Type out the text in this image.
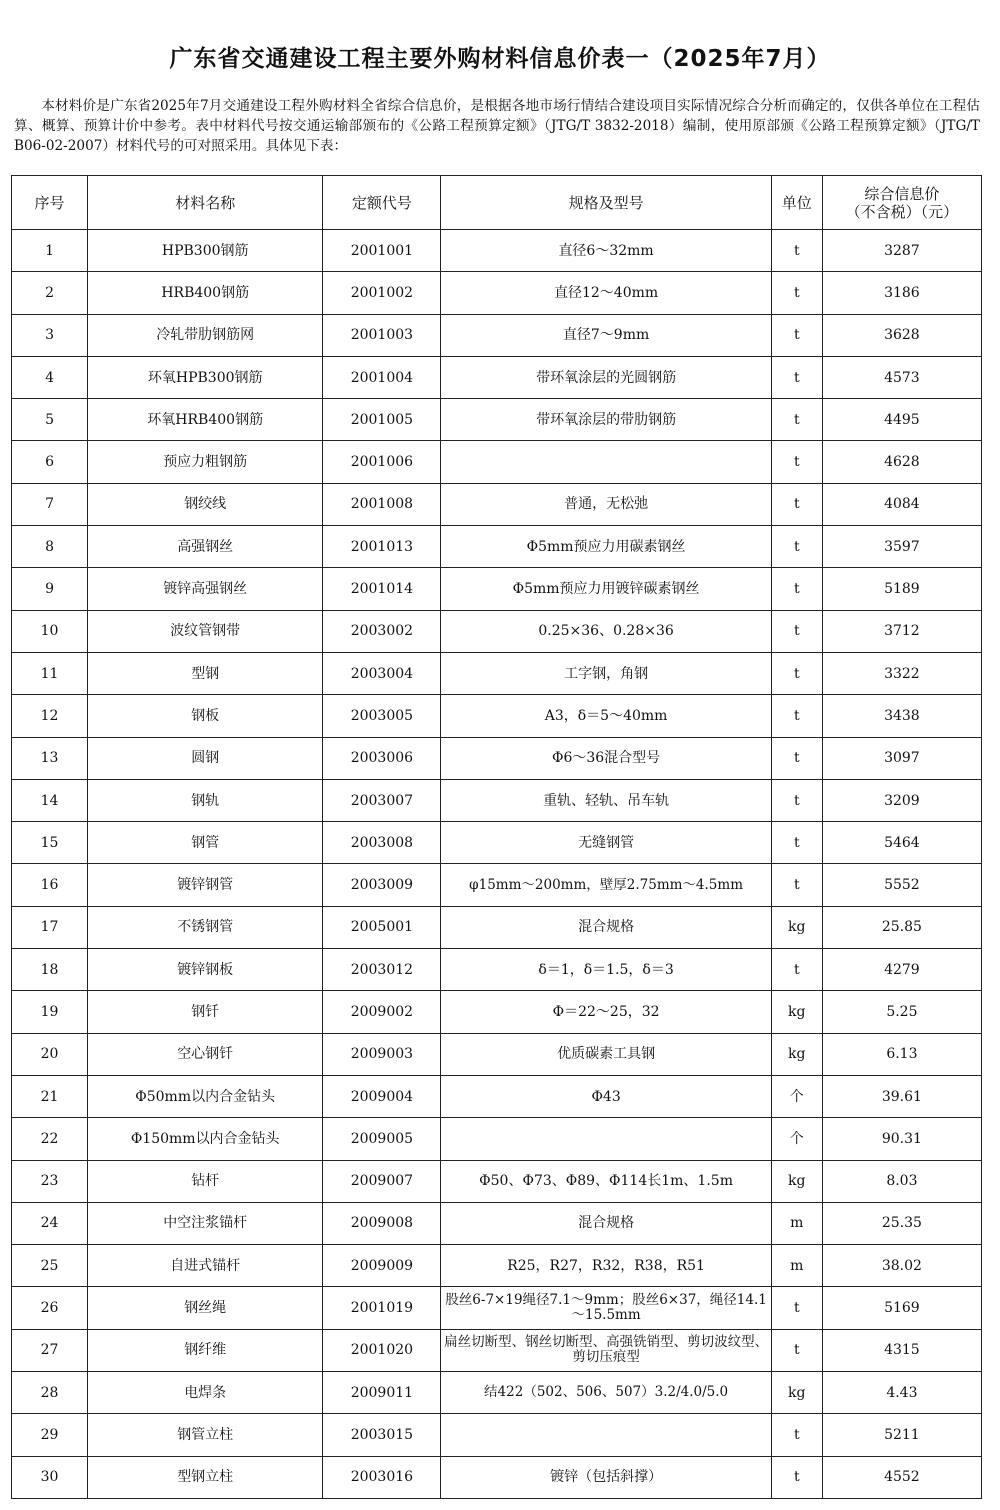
广东省交通建设工程主要外购材料信息价表一（2025年7月）
本材料价是广东省2025年7月交通建设工程外购材料全省综合信息价，是根据各地市场行情结合建设项目实际情况综合分析而确定的，仅供各单位在工程估算、概算、预算计价中参考。表中材料代号按交通运输部颁布的《公路工程预算定额》（JTG/T 3832-2018）编制，使用原部颁《公路工程预算定额》（JTG/T B06-02-2007）材料代号的可对照采用。具体见下表：
序号	材料名称	定额代号	规格及型号	单位	综合信息价
（不含税）（元）

1	HPB300钢筋	2001001	直径6～32mm	t	3287
2	HRB400钢筋	2001002	直径12～40mm	t	3186
3	冷轧带肋钢筋网	2001003	直径7～9mm	t	3628
4	环氧HPB300钢筋	2001004	带环氧涂层的光圆钢筋	t	4573
5	环氧HRB400钢筋	2001005	带环氧涂层的带肋钢筋	t	4495
6	预应力粗钢筋	2001006		t	4628
7	钢绞线	2001008	普通，无松弛	t	4084
8	高强钢丝	2001013	Φ5mm预应力用碳素钢丝	t	3597
9	镀锌高强钢丝	2001014	Φ5mm预应力用镀锌碳素钢丝	t	5189
10	波纹管钢带	2003002	0.25×36、0.28×36	t	3712
11	型钢	2003004	工字钢，角钢	t	3322
12	钢板	2003005	A3，δ＝5～40mm	t	3438
13	圆钢	2003006	Φ6～36混合型号	t	3097
14	钢轨	2003007	重轨、轻轨、吊车轨	t	3209
15	钢管	2003008	无缝钢管	t	5464
16	镀锌钢管	2003009	φ15mm～200mm，壁厚2.75mm～4.5mm	t	5552
17	不锈钢管	2005001	混合规格	kg	25.85
18	镀锌钢板	2003012	δ＝1，δ＝1.5，δ＝3	t	4279
19	钢钎	2009002	Φ＝22～25，32	kg	5.25
20	空心钢钎	2009003	优质碳素工具钢	kg	6.13
21	Φ50mm以内合金钻头	2009004	Φ43	个	39.61
22	Φ150mm以内合金钻头	2009005		个	90.31
23	钻杆	2009007	Φ50、Φ73、Φ89、Φ114长1m、1.5m	kg	8.03
24	中空注浆锚杆	2009008	混合规格	m	25.35
25	自进式锚杆	2009009	R25，R27，R32，R38，R51	m	38.02
26	钢丝绳	2001019	股丝6-7×19绳径7.1～9mm；股丝6×37，绳径14.1～15.5mm	t	5169
27	钢纤维	2001020	扁丝切断型、钢丝切断型、高强铣销型、剪切波纹型、剪切压痕型	t	4315
28	电焊条	2009011	结422（502、506、507）3.2/4.0/5.0	kg	4.43
29	钢管立柱	2003015		t	5211
30	型钢立柱	2003016	镀锌（包括斜撑）	t	4552
